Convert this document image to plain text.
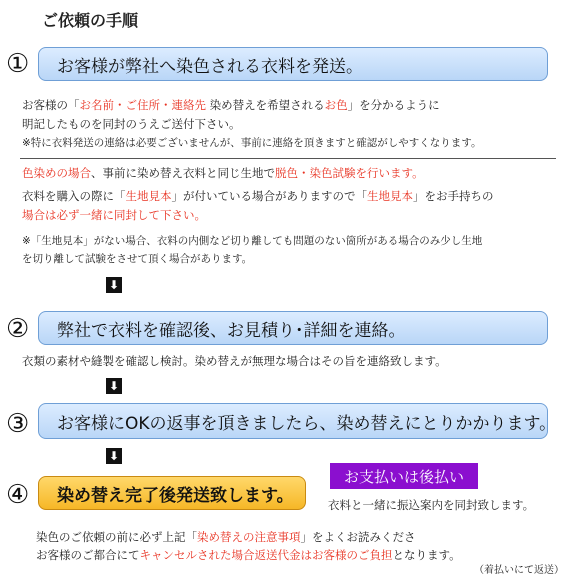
ご依頼の手順
① お客様が弊社へ染色される衣料を発送。
お客様の「お名前・ご住所・連絡先 染め替えを希望されるお色」を分かるように
明記したものを同封のうえご送付下さい。
※特に衣料発送の連絡は必要ございませんが、事前に連絡を頂きますと確認がしやすくなります。
色染めの場合、事前に染め替え衣料と同じ生地で脱色・染色試験を行います。
衣料を購入の際に「生地見本」が付いている場合がありますので「生地見本」をお手持ちの
場合は必ず一緒に同封して下さい。
※「生地見本」がない場合、衣料の内側など切り離しても問題のない箇所がある場合のみ少し生地
を切り離して試験をさせて頂く場合があります。
⬇
② 弊社で衣料を確認後、お見積り･詳細を連絡。
衣類の素材や縫製を確認し検討。染め替えが無理な場合はその旨を連絡致します。
⬇
③ お客様にOKの返事を頂きましたら、染め替えにとりかかります。
⬇
④ 染め替え完了後発送致します。
お支払いは後払い
衣料と一緒に振込案内を同封致します。
染色のご依頼の前に必ず上記「染め替えの注意事項」をよくお読みくださ
お客様のご都合にてキャンセルされた場合返送代金はお客様のご負担となります。
（着払いにて返送）
